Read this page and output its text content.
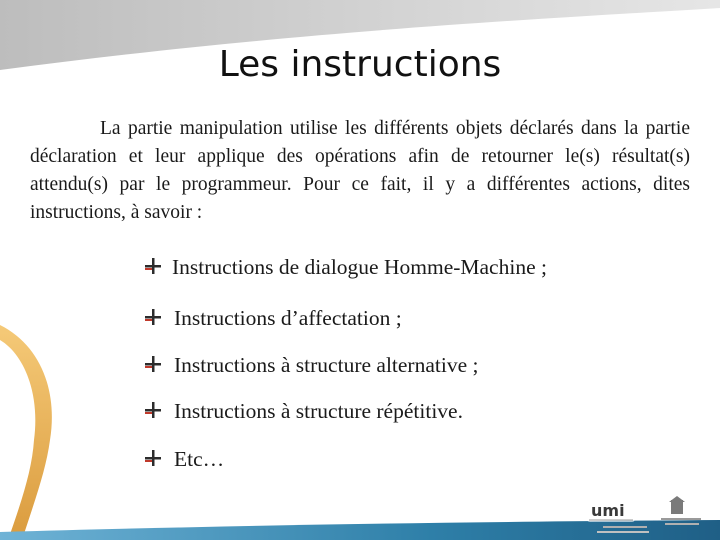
Les instructions

La partie manipulation utilise les différents objets déclarés dans la partie déclaration et leur applique des opérations afin de retourner le(s) résultat(s) attendu(s) par le programmeur. Pour ce fait, il y a différentes actions, dites instructions, à savoir :

Instructions de dialogue Homme-Machine ;
Instructions d’affectation ;
Instructions à structure alternative ;
Instructions à structure répétitive.
Etc…
umi
